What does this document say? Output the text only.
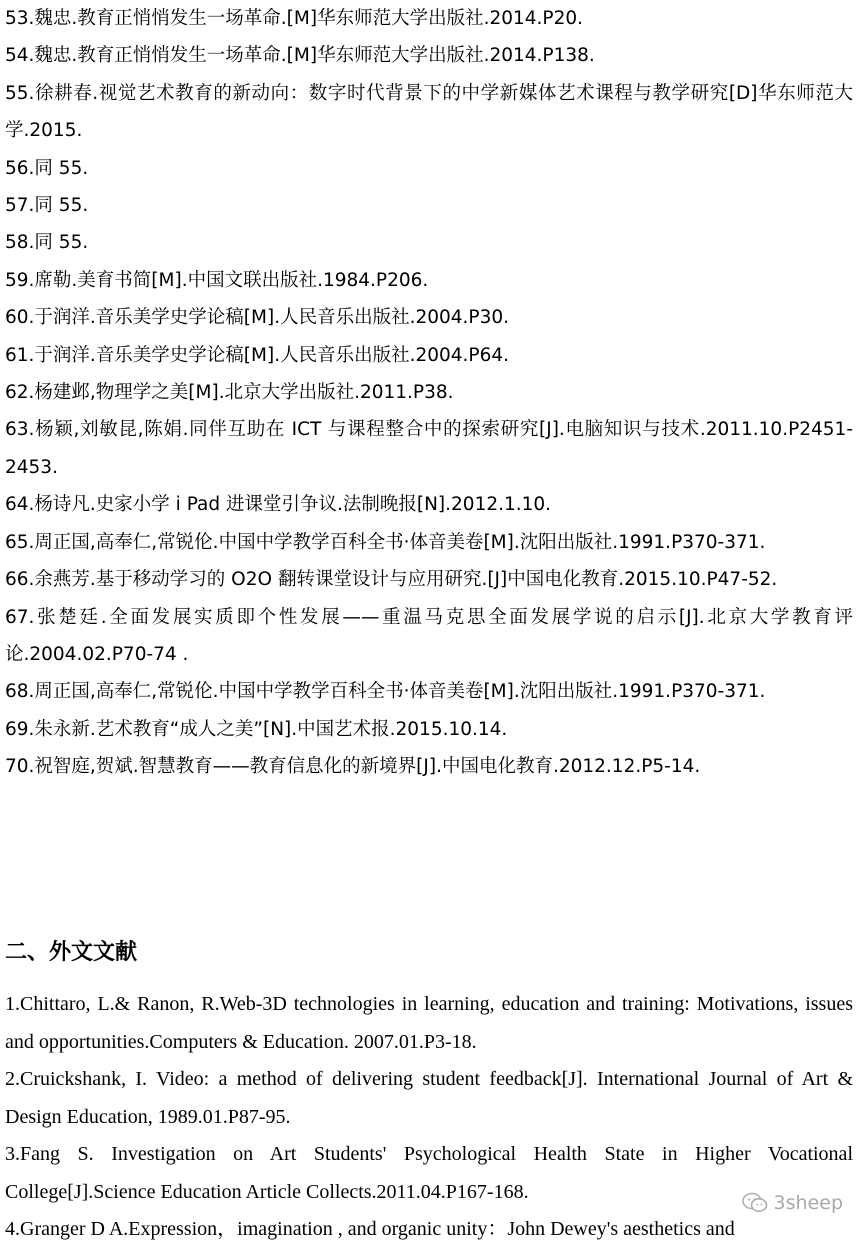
53.魏忠.教育正悄悄发生一场革命.[M]华东师范大学出版社.2014.P20.

54.魏忠.教育正悄悄发生一场革命.[M]华东师范大学出版社.2014.P138.

55.徐耕春.视觉艺术教育的新动向：数字时代背景下的中学新媒体艺术课程与教学研究[D]华东师范大学.2015.

56.同 55.

57.同 55.

58.同 55.

59.席勒.美育书简[M].中国文联出版社.1984.P206.

60.于润洋.音乐美学史学论稿[M].人民音乐出版社.2004.P30.

61.于润洋.音乐美学史学论稿[M].人民音乐出版社.2004.P64.

62.杨建邺,物理学之美[M].北京大学出版社.2011.P38.

63.杨颖,刘敏昆,陈娟.同伴互助在 ICT 与课程整合中的探索研究[J].电脑知识与技术.2011.10.P2451-2453.

64.杨诗凡.史家小学 i Pad 进课堂引争议.法制晚报[N].2012.1.10.

65.周正国,高奉仁,常锐伦.中国中学教学百科全书·体音美卷[M].沈阳出版社.1991.P370-371.

66.余燕芳.基于移动学习的 O2O 翻转课堂设计与应用研究.[J]中国电化教育.2015.10.P47-52.

67.张楚廷.全面发展实质即个性发展——重温马克思全面发展学说的启示[J].北京大学教育评论.2004.02.P70-74 .

68.周正国,高奉仁,常锐伦.中国中学教学百科全书·体音美卷[M].沈阳出版社.1991.P370-371.

69.朱永新.艺术教育“成人之美”[N].中国艺术报.2015.10.14.

70.祝智庭,贺斌.智慧教育——教育信息化的新境界[J].中国电化教育.2012.12.P5-14.

二、外文文献

1.Chittaro, L.& Ranon, R.Web-3D technologies in learning, education and training: Motivations, issues and opportunities.Computers & Education. 2007.01.P3-18.

2.Cruickshank, I. Video: a method of delivering student feedback[J]. International Journal of Art & Design Education, 1989.01.P87-95.

3.Fang S. Investigation on Art Students' Psychological Health State in Higher Vocational College[J].Science Education Article Collects.2011.04.P167-168.

4.Granger D A.Expression，imagination , and organic unity：John Dewey's aesthetics and

3sheep
